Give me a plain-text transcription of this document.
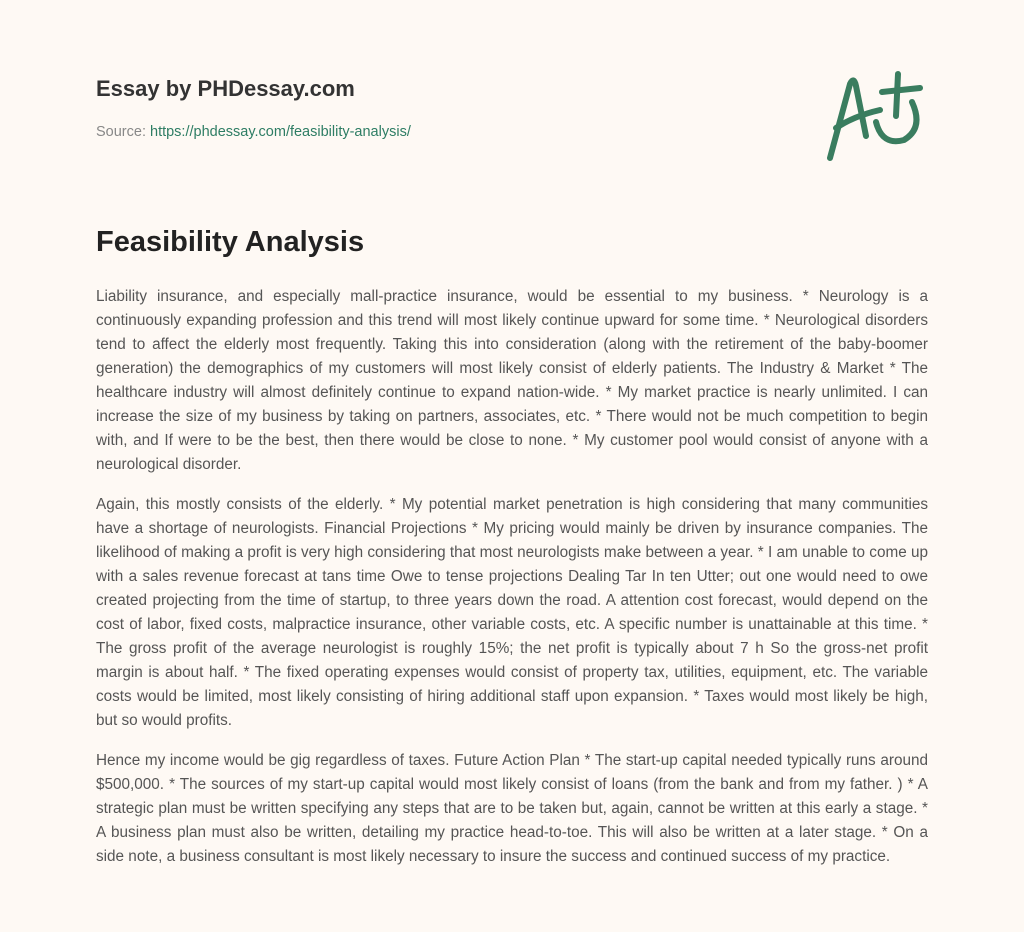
Essay by PHDessay.com
Source: https://phdessay.com/feasibility-analysis/
Feasibility Analysis

Liability insurance, and especially mall-practice insurance, would be essential to my business. * Neurology is a continuously expanding profession and this trend will most likely continue upward for some time. * Neurological disorders tend to affect the elderly most frequently. Taking this into consideration (along with the retirement of the baby-boomer generation) the demographics of my customers will most likely consist of elderly patients. The Industry & Market * The healthcare industry will almost definitely continue to expand nation-wide. * My market practice is nearly unlimited. I can increase the size of my business by taking on partners, associates, etc. * There would not be much competition to begin with, and If were to be the best, then there would be close to none. * My customer pool would consist of anyone with a neurological disorder.

Again, this mostly consists of the elderly. * My potential market penetration is high considering that many communities have a shortage of neurologists. Financial Projections * My pricing would mainly be driven by insurance companies. The likelihood of making a profit is very high considering that most neurologists make between a year. * I am unable to come up with a sales revenue forecast at tans time Owe to tense projections Dealing Tar In ten Utter; out one would need to owe created projecting from the time of startup, to three years down the road. A attention cost forecast, would depend on the cost of labor, fixed costs, malpractice insurance, other variable costs, etc. A specific number is unattainable at this time. * The gross profit of the average neurologist is roughly 15%; the net profit is typically about 7 h So the gross-net profit margin is about half. * The fixed operating expenses would consist of property tax, utilities, equipment, etc. The variable costs would be limited, most likely consisting of hiring additional staff upon expansion. * Taxes would most likely be high, but so would profits.

Hence my income would be gig regardless of taxes. Future Action Plan * The start-up capital needed typically runs around $500,000. * The sources of my start-up capital would most likely consist of loans (from the bank and from my father. ) * A strategic plan must be written specifying any steps that are to be taken but, again, cannot be written at this early a stage. * A business plan must also be written, detailing my practice head-to-toe. This will also be written at a later stage. * On a side note, a business consultant is most likely necessary to insure the success and continued success of my practice.
